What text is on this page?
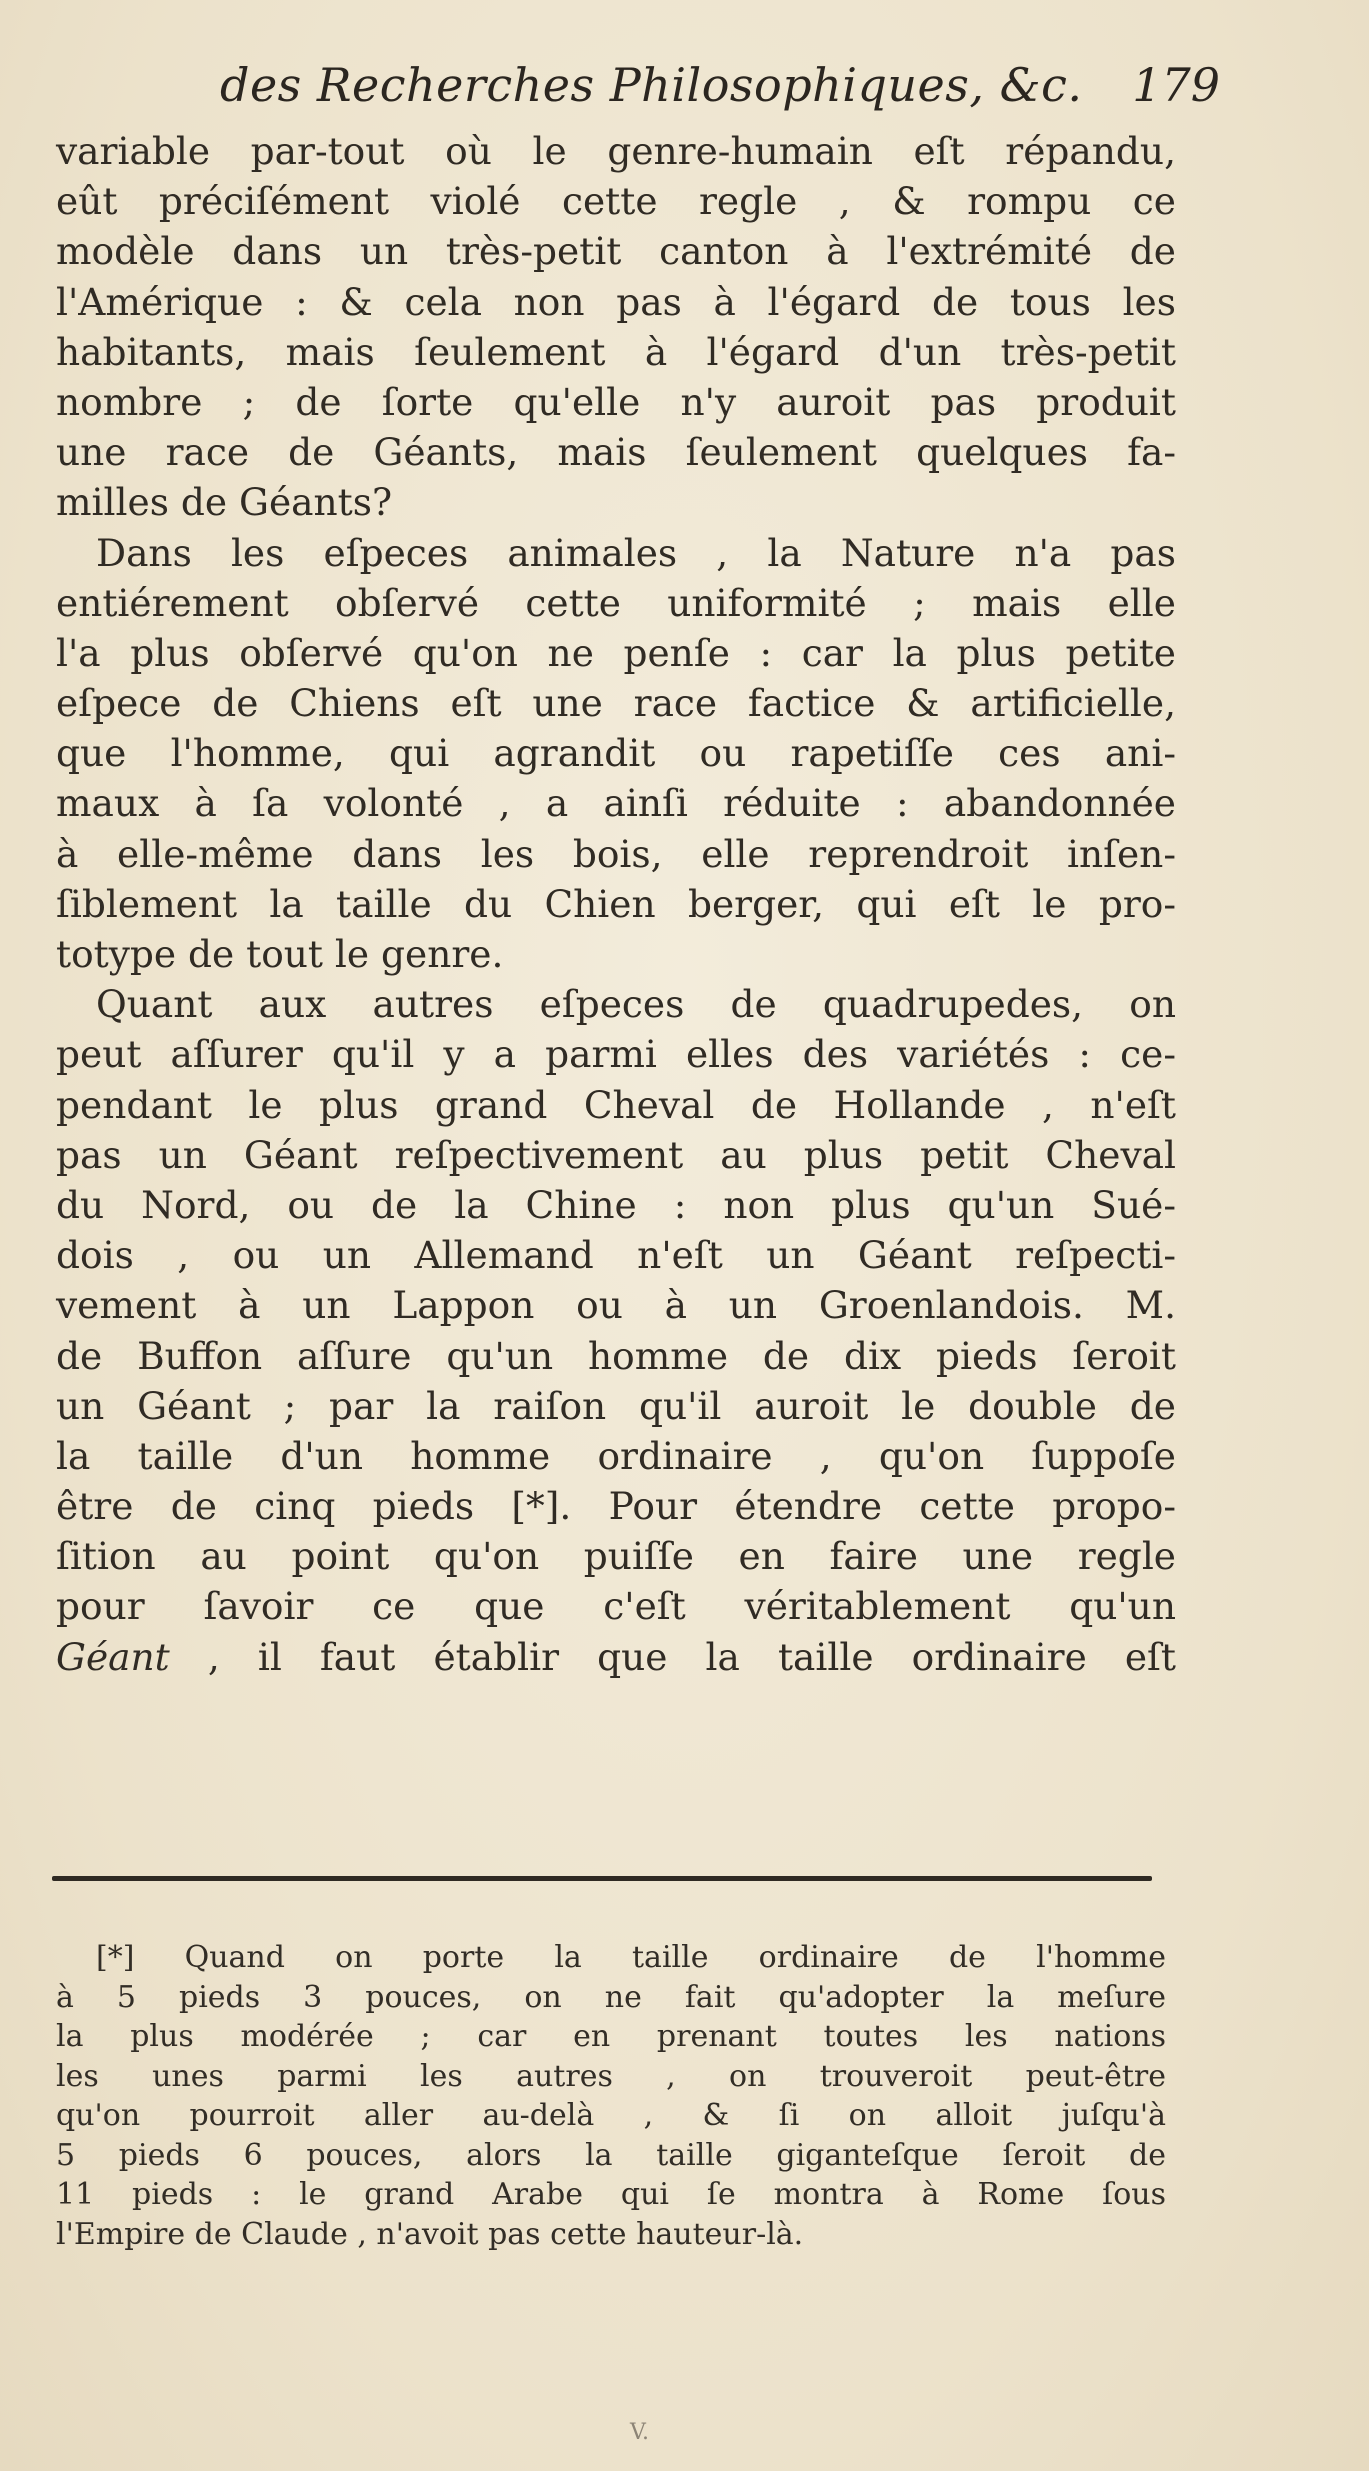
des Recherches Philosophiques, &c. 179
variable par-tout où le genre-humain eſt répandu,
eût préciſément violé cette regle , & rompu ce
modèle dans un très-petit canton à l'extrémité de
l'Amérique : & cela non pas à l'égard de tous les
habitants, mais ſeulement à l'égard d'un très-petit
nombre ; de ſorte qu'elle n'y auroit pas produit
une race de Géants, mais ſeulement quelques fa-
milles de Géants?
Dans les eſpeces animales , la Nature n'a pas
entiérement obſervé cette uniformité ; mais elle
l'a plus obſervé qu'on ne penſe : car la plus petite
eſpece de Chiens eſt une race factice & artificielle,
que l'homme, qui agrandit ou rapetiſſe ces ani-
maux à ſa volonté , a ainſi réduite : abandonnée
à elle-même dans les bois, elle reprendroit inſen-
ſiblement la taille du Chien berger, qui eſt le pro-
totype de tout le genre.
Quant aux autres eſpeces de quadrupedes, on
peut aſſurer qu'il y a parmi elles des variétés : ce-
pendant le plus grand Cheval de Hollande , n'eſt
pas un Géant reſpectivement au plus petit Cheval
du Nord, ou de la Chine : non plus qu'un Sué-
dois , ou un Allemand n'eſt un Géant reſpecti-
vement à un Lappon ou à un Groenlandois. M.
de Buffon aſſure qu'un homme de dix pieds ſeroit
un Géant ; par la raiſon qu'il auroit le double de
la taille d'un homme ordinaire , qu'on ſuppoſe
être de cinq pieds [*]. Pour étendre cette propo-
ſition au point qu'on puiſſe en faire une regle
pour ſavoir ce que c'eſt véritablement qu'un
Géant , il faut établir que la taille ordinaire eſt
[*] Quand on porte la taille ordinaire de l'homme
à 5 pieds 3 pouces, on ne fait qu'adopter la meſure
la plus modérée ; car en prenant toutes les nations
les unes parmi les autres , on trouveroit peut-être
qu'on pourroit aller au-delà , & ſi on alloit juſqu'à
5 pieds 6 pouces, alors la taille giganteſque ſeroit de
11 pieds : le grand Arabe qui ſe montra à Rome ſous
l'Empire de Claude , n'avoit pas cette hauteur-là.
V.
